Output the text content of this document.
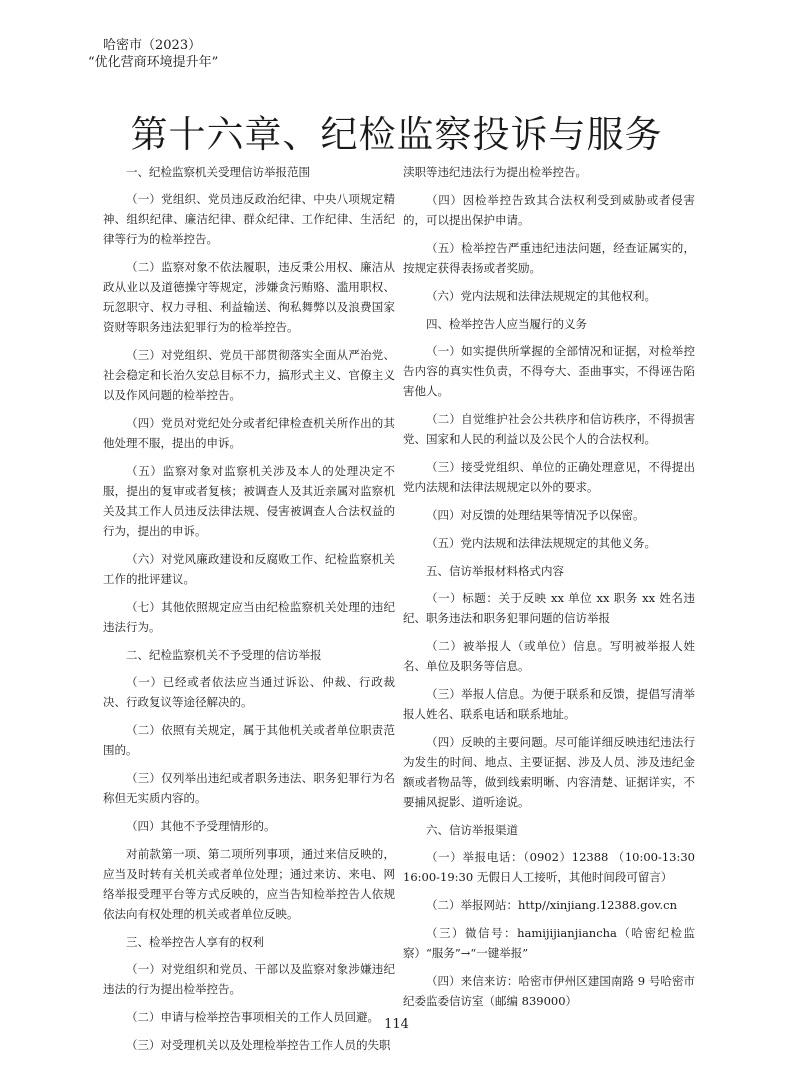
哈密市（2023）
“优化营商环境提升年”
第十六章、纪检监察投诉与服务

一、纪检监察机关受理信访举报范围

（一）党组织、党员违反政治纪律、中央八项规定精神、组织纪律、廉洁纪律、群众纪律、工作纪律、生活纪律等行为的检举控告。

（二）监察对象不依法履职，违反秉公用权、廉洁从政从业以及道德操守等规定，涉嫌贪污贿赂、滥用职权、玩忽职守、权力寻租、利益输送、徇私舞弊以及浪费国家资财等职务违法犯罪行为的检举控告。

（三）对党组织、党员干部贯彻落实全面从严治党、社会稳定和长治久安总目标不力，搞形式主义、官僚主义以及作风问题的检举控告。

（四）党员对党纪处分或者纪律检查机关所作出的其他处理不服，提出的申诉。

（五）监察对象对监察机关涉及本人的处理决定不服，提出的复审或者复核；被调查人及其近亲属对监察机关及其工作人员违反法律法规、侵害被调查人合法权益的行为，提出的申诉。

（六）对党风廉政建设和反腐败工作、纪检监察机关工作的批评建议。

（七）其他依照规定应当由纪检监察机关处理的违纪违法行为。

二、纪检监察机关不予受理的信访举报

（一）已经或者依法应当通过诉讼、仲裁、行政裁决、行政复议等途径解决的。

（二）依照有关规定，属于其他机关或者单位职责范围的。

（三）仅列举出违纪或者职务违法、职务犯罪行为名称但无实质内容的。

（四）其他不予受理情形的。

对前款第一项、第二项所列事项，通过来信反映的，应当及时转有关机关或者单位处理；通过来访、来电、网络举报受理平台等方式反映的，应当告知检举控告人依规依法向有权处理的机关或者单位反映。

三、检举控告人享有的权利

（一）对党组织和党员、干部以及监察对象涉嫌违纪违法的行为提出检举控告。

（二）申请与检举控告事项相关的工作人员回避。

（三）对受理机关以及处理检举控告工作人员的失职

渎职等违纪违法行为提出检举控告。

（四）因检举控告致其合法权利受到威胁或者侵害的，可以提出保护申请。

（五）检举控告严重违纪违法问题，经查证属实的，按规定获得表扬或者奖励。

（六）党内法规和法律法规规定的其他权利。

四、检举控告人应当履行的义务

（一）如实提供所掌握的全部情况和证据，对检举控告内容的真实性负责，不得夸大、歪曲事实，不得诬告陷害他人。

（二）自觉维护社会公共秩序和信访秩序，不得损害党、国家和人民的利益以及公民个人的合法权利。

（三）接受党组织、单位的正确处理意见，不得提出党内法规和法律法规规定以外的要求。

（四）对反馈的处理结果等情况予以保密。

（五）党内法规和法律法规规定的其他义务。

五、信访举报材料格式内容

（一）标题：关于反映 xx 单位 xx 职务 xx 姓名违纪、职务违法和职务犯罪问题的信访举报

（二）被举报人（或单位）信息。写明被举报人姓名、单位及职务等信息。

（三）举报人信息。为便于联系和反馈，提倡写清举报人姓名、联系电话和联系地址。

（四）反映的主要问题。尽可能详细反映违纪违法行为发生的时间、地点、主要证据、涉及人员、涉及违纪金额或者物品等，做到线索明晰、内容清楚、证据详实，不要捕风捉影、道听途说。

六、信访举报渠道

（一）举报电话：（0902）12388 （10:00-13:30 16:00-19:30 无假日人工接听，其他时间段可留言）

（二）举报网站：http//xinjiang.12388.gov.cn

（三）微信号：hamijijianjiancha（哈密纪检监察）“服务”→“一键举报”

（四）来信来访：哈密市伊州区建国南路 9 号哈密市纪委监委信访室（邮编 839000）

114
